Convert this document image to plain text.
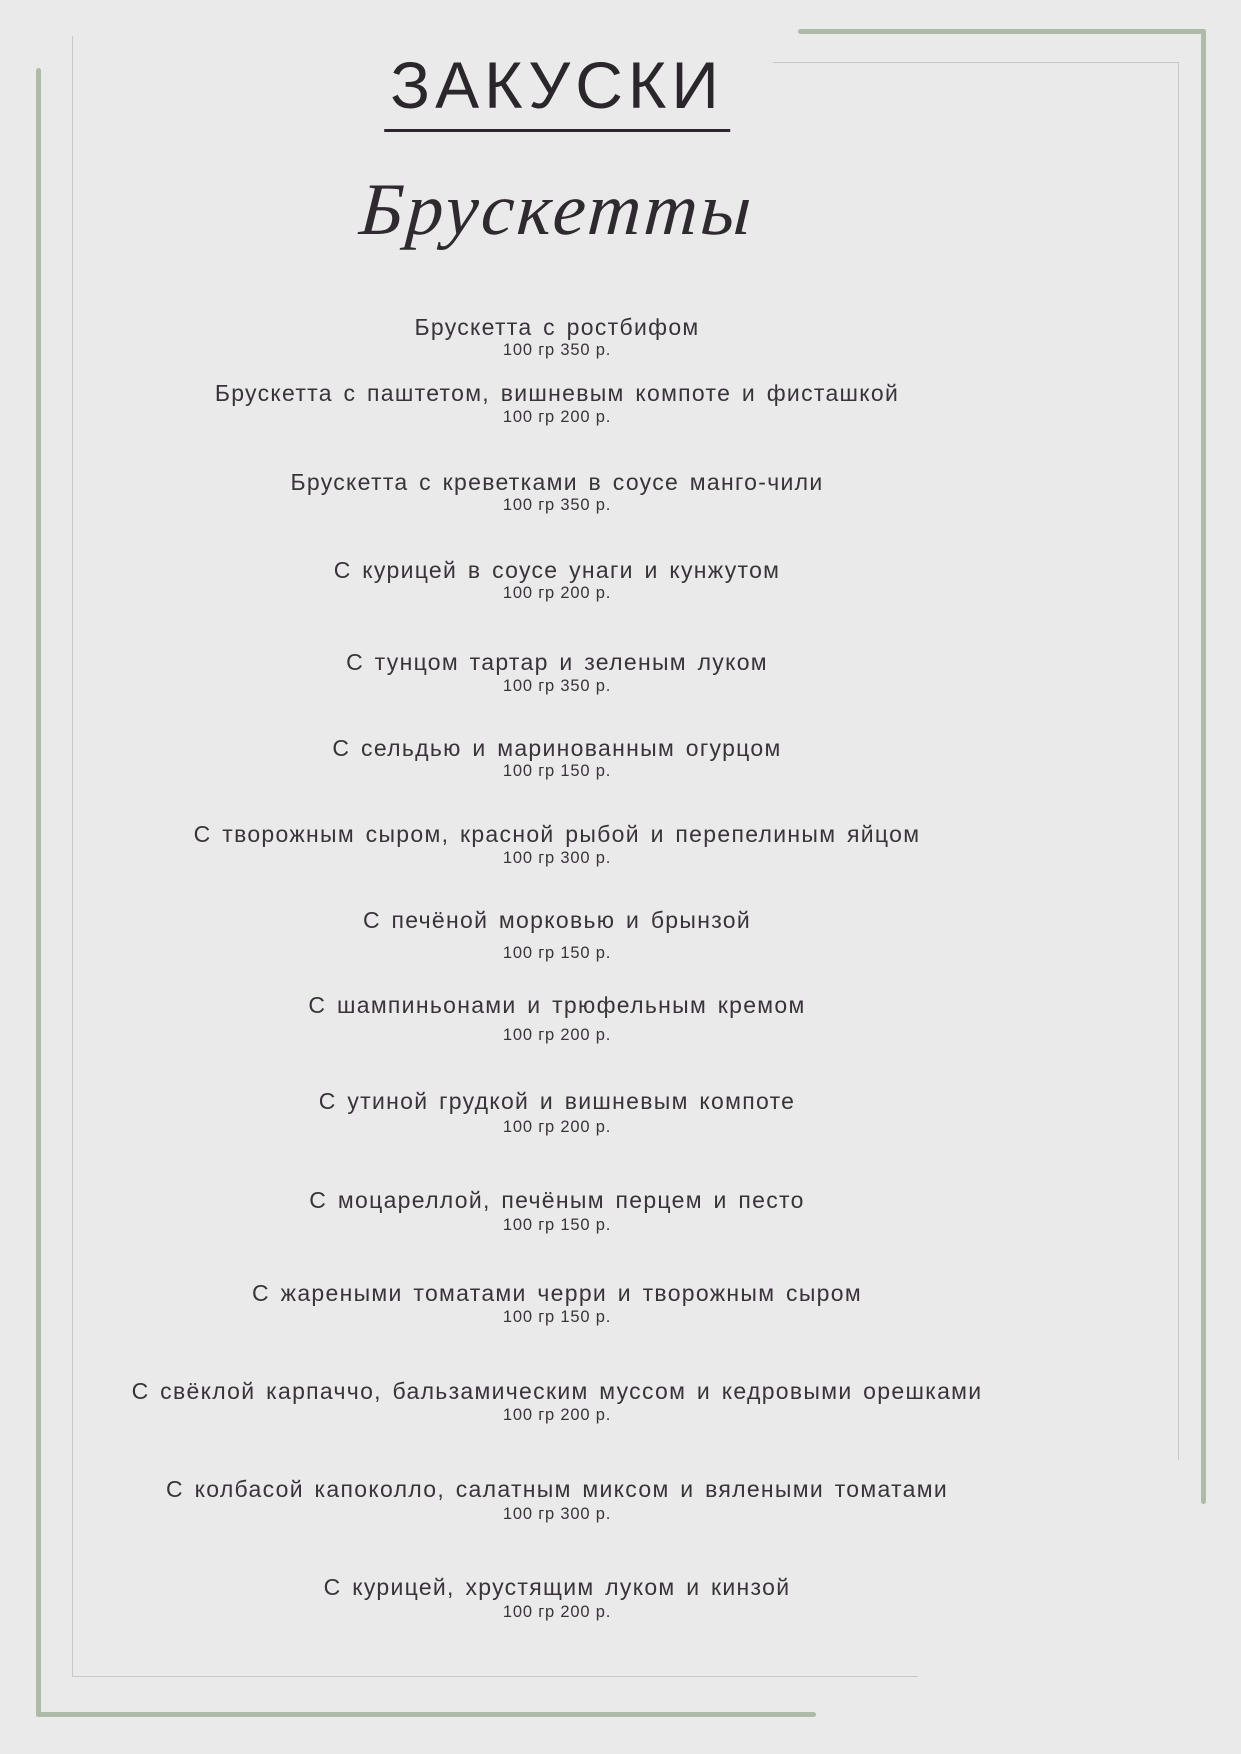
ЗАКУСКИ
Брускетты
Брускетта с ростбифом
100 гр 350 р.
Брускетта с паштетом, вишневым компоте и фисташкой
100 гр 200 р.
Брускетта с креветками в соусе манго-чили
100 гр 350 р.
С курицей в соусе унаги и кунжутом
100 гр 200 р.
С тунцом тартар и зеленым луком
100 гр 350 р.
С сельдью и маринованным огурцом
100 гр 150 р.
С творожным сыром, красной рыбой и перепелиным яйцом
100 гр 300 р.
С печёной морковью и брынзой
100 гр 150 р.
С шампиньонами и трюфельным кремом
100 гр 200 р.
С утиной грудкой и вишневым компоте
100 гр 200 р.
С моцареллой, печёным перцем и песто
100 гр 150 р.
С жареными томатами черри и творожным сыром
100 гр 150 р.
С свёклой карпаччо, бальзамическим муссом и кедровыми орешками
100 гр 200 р.
С колбасой капоколло, салатным миксом и вялеными томатами
100 гр 300 р.
С курицей, хрустящим луком и кинзой
100 гр 200 р.
